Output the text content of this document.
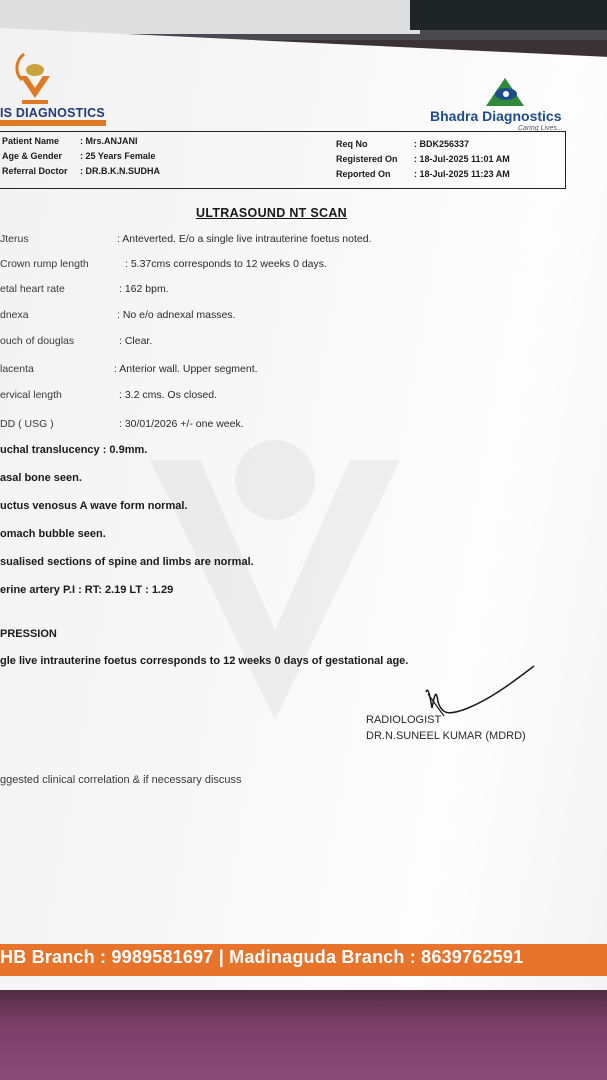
IS DIAGNOSTICS	Bhadra Diagnostics
Caring Lives...
Patient Name : Mrs.ANJANI
Age & Gender : 25 Years Female
Referral Doctor : DR.B.K.N.SUDHA
Req No	: BDK256337
Registered On : 18-Jul-2025 11:01 AM
Reported On	: 18-Jul-2025 11:23 AM
ULTRASOUND NT SCAN
Jterus	: Anteverted. E/o a single live intrauterine foetus noted.
Crown rump length	: 5.37cms corresponds to 12 weeks 0 days.
etal heart rate	: 162 bpm.
dnexa	: No e/o adnexal masses.
ouch of douglas	: Clear.
lacenta	: Anterior wall. Upper segment.
ervical length	: 3.2 cms. Os closed.
DD ( USG )	: 30/01/2026 +/- one week.
uchal translucency : 0.9mm.
asal bone seen.
uctus venosus A wave form normal.
omach bubble seen.
sualised sections of spine and limbs are normal.
erine artery P.I : RT: 2.19 LT : 1.29
PRESSION
gle live intrauterine foetus corresponds to 12 weeks 0 days of gestational age.
RADIOLOGIST
DR.N.SUNEEL KUMAR (MDRD)
ggested clinical correlation & if necessary discuss
HB Branch : 9989581697 | Madinaguda Branch : 8639762591
